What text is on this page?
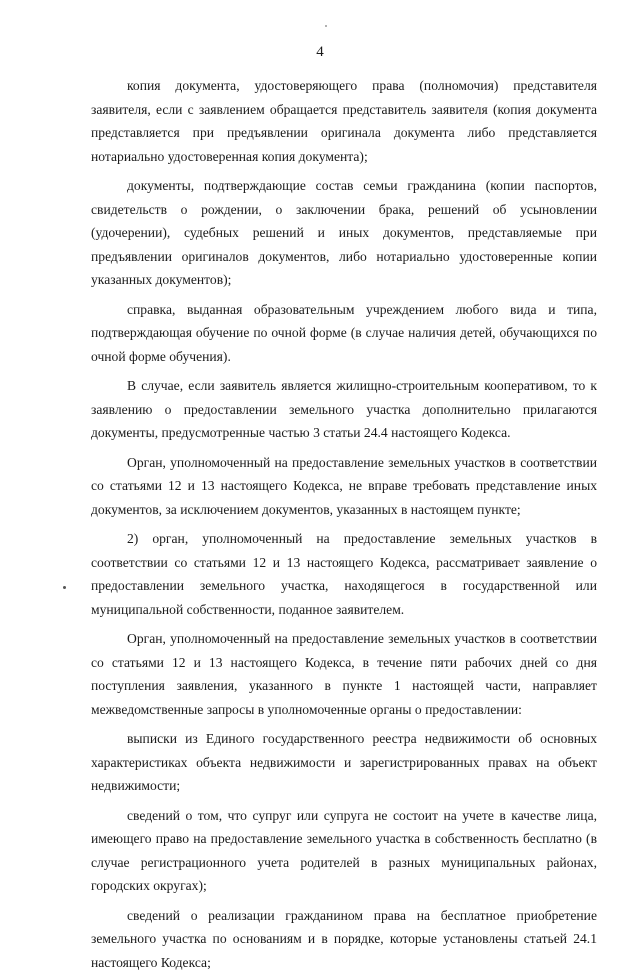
4

копия документа, удостоверяющего права (полномочия) представителя заявителя, если с заявлением обращается представитель заявителя (копия документа представляется при предъявлении оригинала документа либо представляется нотариально удостоверенная копия документа);

документы, подтверждающие состав семьи гражданина (копии паспортов, свидетельств о рождении, о заключении брака, решений об усыновлении (удочерении), судебных решений и иных документов, представляемые при предъявлении оригиналов документов, либо нотариально удостоверенные копии указанных документов);

справка, выданная образовательным учреждением любого вида и типа, подтверждающая обучение по очной форме (в случае наличия детей, обучающихся по очной форме обучения).

В случае, если заявитель является жилищно-строительным кооперативом, то к заявлению о предоставлении земельного участка дополнительно прилагаются документы, предусмотренные частью 3 статьи 24.4 настоящего Кодекса.

Орган, уполномоченный на предоставление земельных участков в соответствии со статьями 12 и 13 настоящего Кодекса, не вправе требовать представление иных документов, за исключением документов, указанных в настоящем пункте;

2) орган, уполномоченный на предоставление земельных участков в соответствии со статьями 12 и 13 настоящего Кодекса, рассматривает заявление о предоставлении земельного участка, находящегося в государственной или муниципальной собственности, поданное заявителем.

Орган, уполномоченный на предоставление земельных участков в соответствии со статьями 12 и 13 настоящего Кодекса, в течение пяти рабочих дней со дня поступления заявления, указанного в пункте 1 настоящей части, направляет межведомственные запросы в уполномоченные органы о предоставлении:

выписки из Единого государственного реестра недвижимости об основных характеристиках объекта недвижимости и зарегистрированных правах на объект недвижимости;

сведений о том, что супруг или супруга не состоит на учете в качестве лица, имеющего право на предоставление земельного участка в собственность бесплатно (в случае регистрационного учета родителей в разных муниципальных районах, городских округах);

сведений о реализации гражданином права на бесплатное приобретение земельного участка по основаниям и в порядке, которые установлены статьей 24.1 настоящего Кодекса;
